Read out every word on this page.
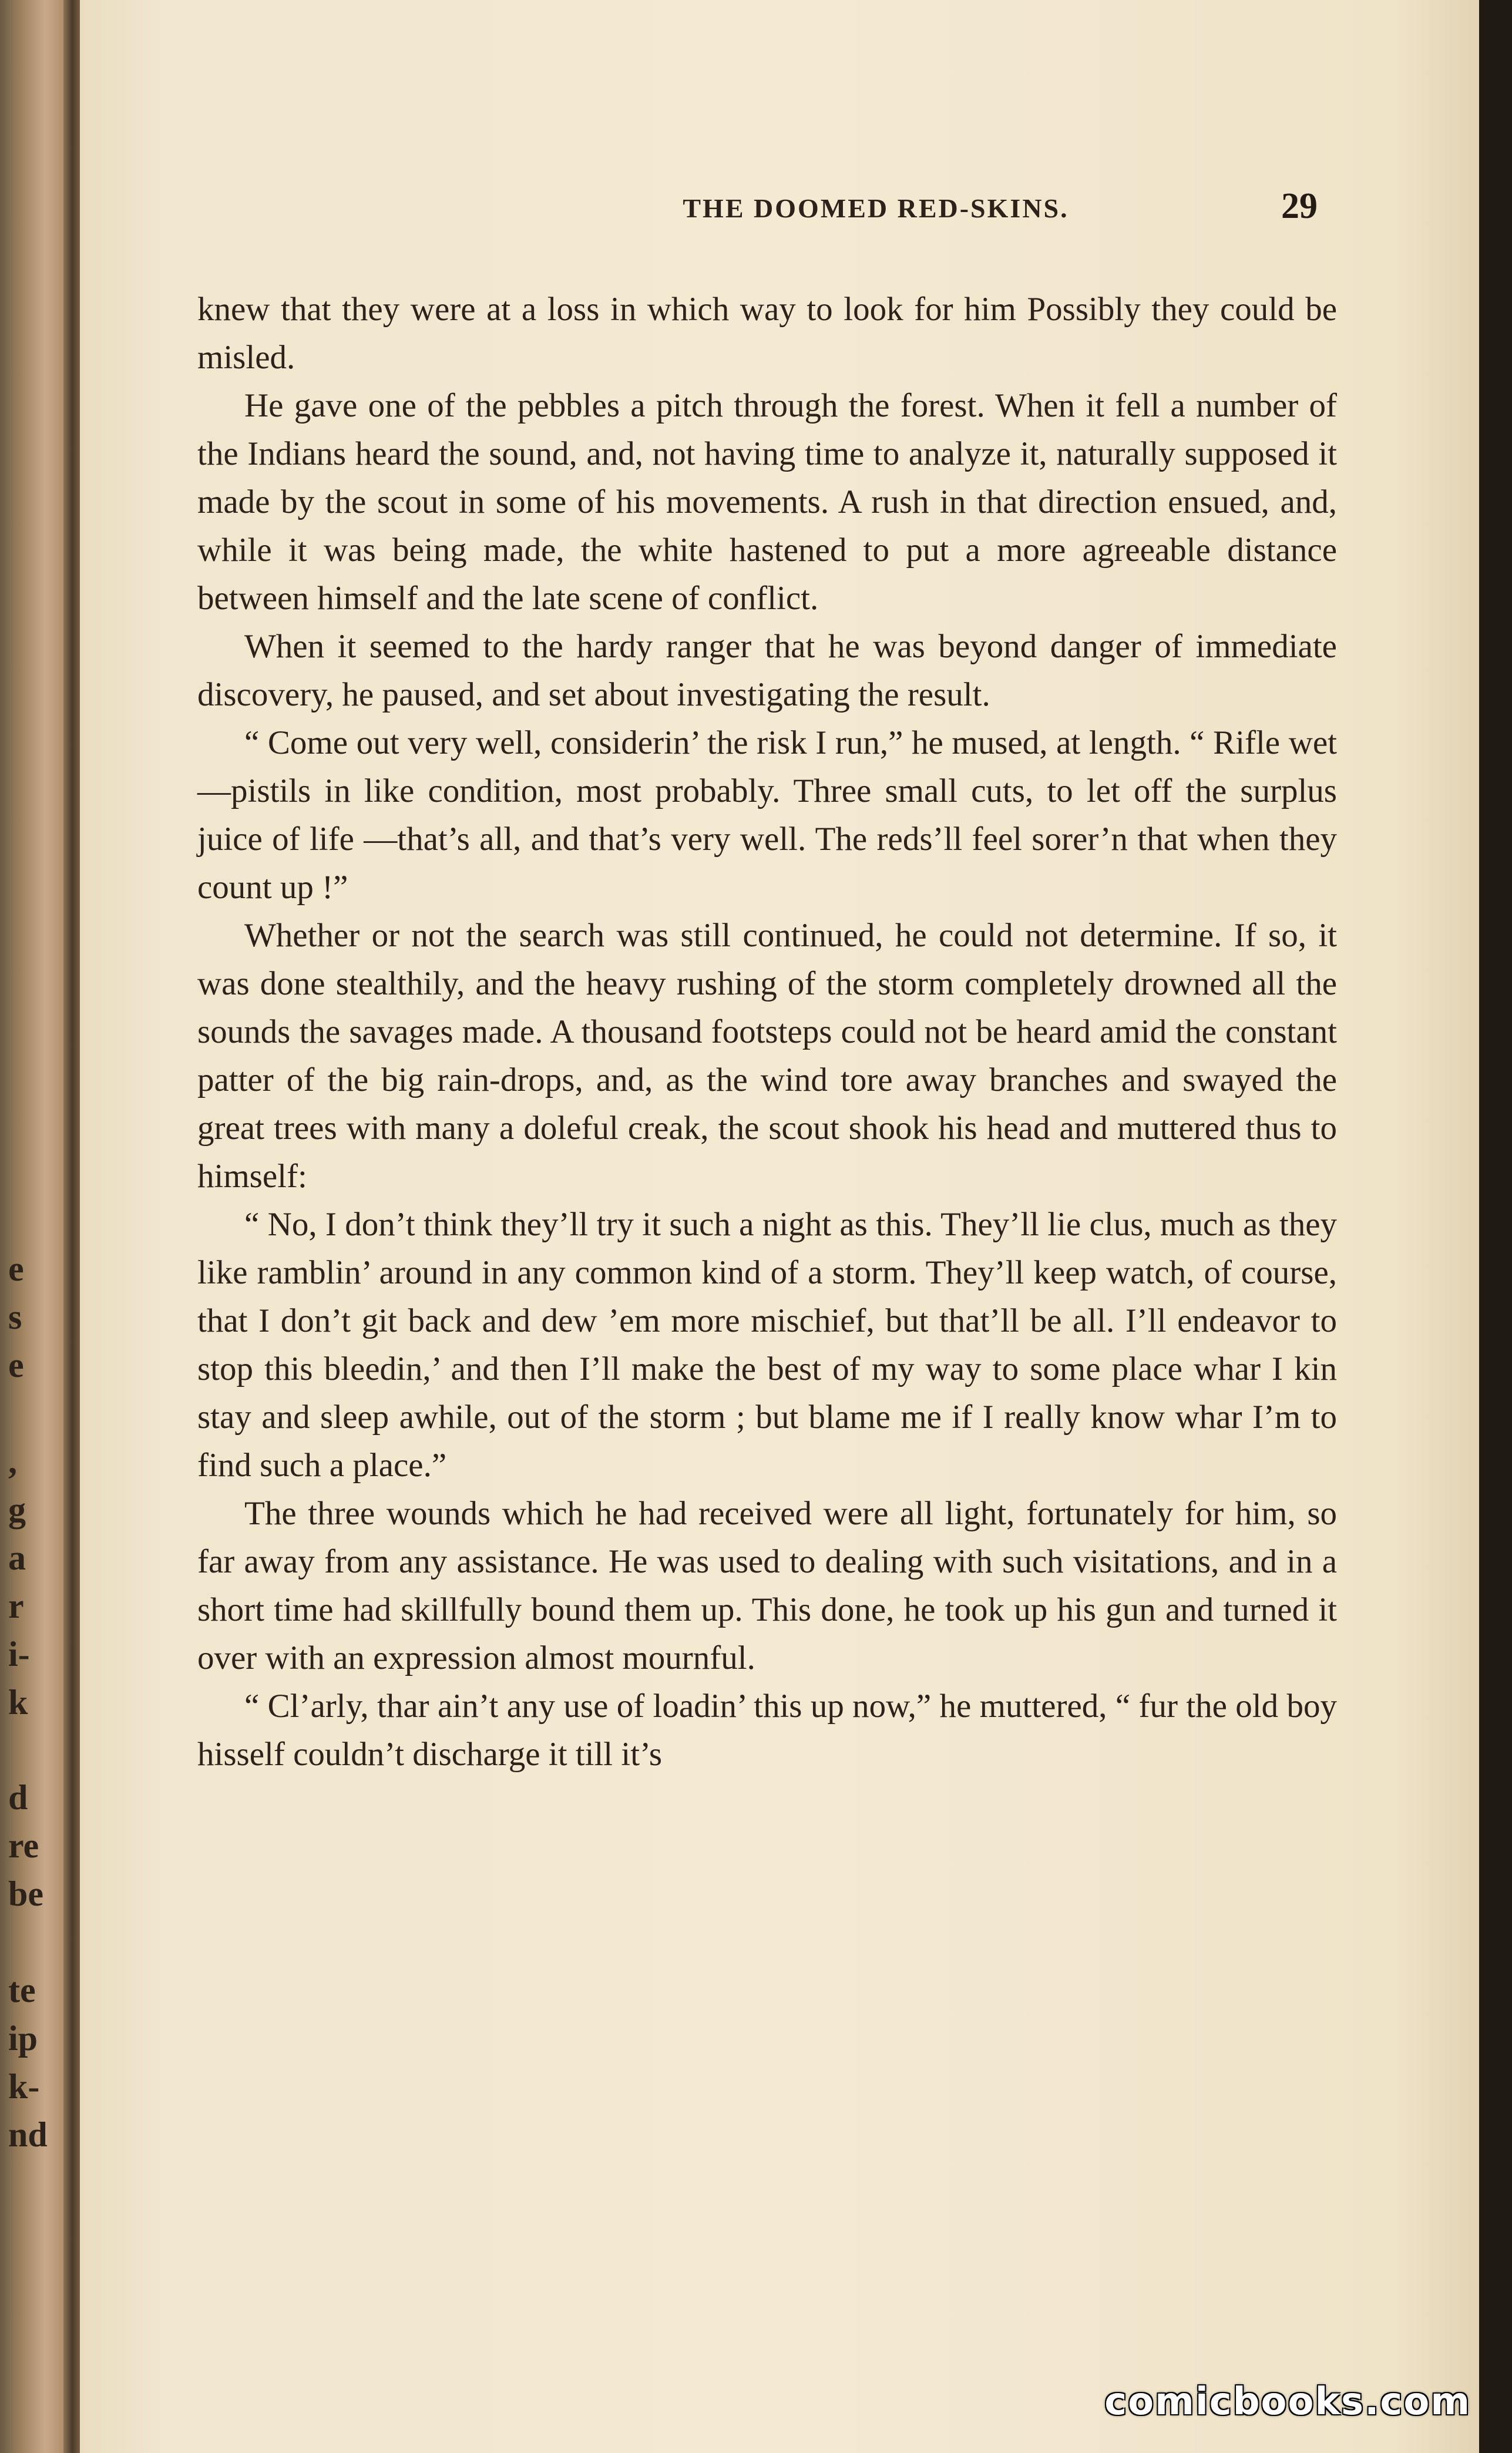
e
s
e
,
g
a
r
i-
k
d
re
be
te
ip
k-
nd
THE DOOMED RED-SKINS.	29

knew that they were at a loss in which way to look for him Possibly they could be misled.

He gave one of the pebbles a pitch through the forest. When it fell a number of the Indians heard the sound, and, not having time to analyze it, naturally supposed it made by the scout in some of his movements. A rush in that direction ensued, and, while it was being made, the white hastened to put a more agreeable distance between himself and the late scene of conflict.

When it seemed to the hardy ranger that he was beyond danger of immediate discovery, he paused, and set about investigating the result.

“ Come out very well, considerin’ the risk I run,” he mused, at length. “ Rifle wet—pistils in like condition, most probably. Three small cuts, to let off the surplus juice of life —that’s all, and that’s very well. The reds’ll feel sorer’n that when they count up !”

Whether or not the search was still continued, he could not determine. If so, it was done stealthily, and the heavy rushing of the storm completely drowned all the sounds the savages made. A thousand footsteps could not be heard amid the constant patter of the big rain-drops, and, as the wind tore away branches and swayed the great trees with many a doleful creak, the scout shook his head and muttered thus to himself:

“ No, I don’t think they’ll try it such a night as this. They’ll lie clus, much as they like ramblin’ around in any common kind of a storm. They’ll keep watch, of course, that I don’t git back and dew ’em more mischief, but that’ll be all. I’ll endeavor to stop this bleedin,’ and then I’ll make the best of my way to some place whar I kin stay and sleep awhile, out of the storm ; but blame me if I really know whar I’m to find such a place.”

The three wounds which he had received were all light, fortunately for him, so far away from any assistance. He was used to dealing with such visitations, and in a short time had skillfully bound them up. This done, he took up his gun and turned it over with an expression almost mournful.

“ Cl’arly, thar ain’t any use of loadin’ this up now,” he muttered, “ fur the old boy hisself couldn’t discharge it till it’s

comicbooks.com
